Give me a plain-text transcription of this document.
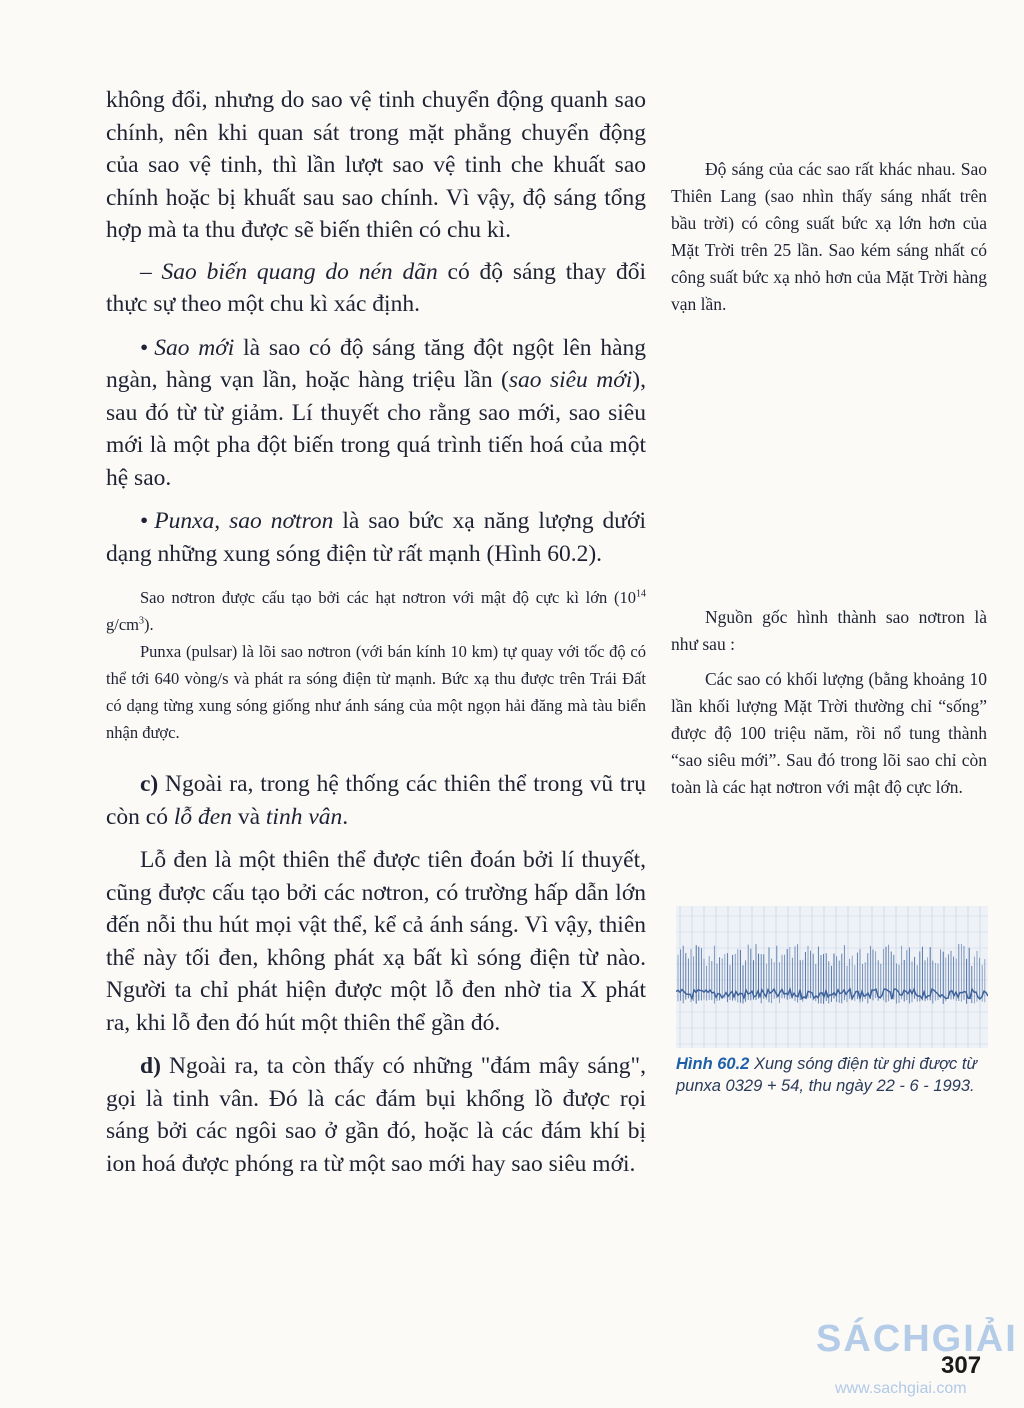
không đổi, nhưng do sao vệ tinh chuyển động quanh sao chính, nên khi quan sát trong mặt phẳng chuyển động của sao vệ tinh, thì lần lượt sao vệ tinh che khuất sao chính hoặc bị khuất sau sao chính. Vì vậy, độ sáng tổng hợp mà ta thu được sẽ biến thiên có chu kì.

– Sao biến quang do nén dãn có độ sáng thay đổi thực sự theo một chu kì xác định.

• Sao mới là sao có độ sáng tăng đột ngột lên hàng ngàn, hàng vạn lần, hoặc hàng triệu lần (sao siêu mới), sau đó từ từ giảm. Lí thuyết cho rằng sao mới, sao siêu mới là một pha đột biến trong quá trình tiến hoá của một hệ sao.

• Punxa, sao nơtron là sao bức xạ năng lượng dưới dạng những xung sóng điện từ rất mạnh (Hình 60.2).

Sao nơtron được cấu tạo bởi các hạt nơtron với mật độ cực kì lớn ($10^{14}$ $g/cm^3$).

Punxa (pulsar) là lõi sao nơtron (với bán kính 10 km) tự quay với tốc độ có thể tới 640 vòng/s và phát ra sóng điện từ mạnh. Bức xạ thu được trên Trái Đất có dạng từng xung sóng giống như ánh sáng của một ngọn hải đăng mà tàu biển nhận được.

c) Ngoài ra, trong hệ thống các thiên thể trong vũ trụ còn có lỗ đen và tinh vân.

Lỗ đen là một thiên thể được tiên đoán bởi lí thuyết, cũng được cấu tạo bởi các nơtron, có trường hấp dẫn lớn đến nỗi thu hút mọi vật thể, kể cả ánh sáng. Vì vậy, thiên thể này tối đen, không phát xạ bất kì sóng điện từ nào. Người ta chỉ phát hiện được một lỗ đen nhờ tia X phát ra, khi lỗ đen đó hút một thiên thể gần đó.

d) Ngoài ra, ta còn thấy có những "đám mây sáng", gọi là tinh vân. Đó là các đám bụi khổng lồ được rọi sáng bởi các ngôi sao ở gần đó, hoặc là các đám khí bị ion hoá được phóng ra từ một sao mới hay sao siêu mới.

Độ sáng của các sao rất khác nhau. Sao Thiên Lang (sao nhìn thấy sáng nhất trên bầu trời) có công suất bức xạ lớn hơn của Mặt Trời trên 25 lần. Sao kém sáng nhất có công suất bức xạ nhỏ hơn của Mặt Trời hàng vạn lần.

Nguồn gốc hình thành sao nơtron là như sau :

Các sao có khối lượng (bằng khoảng 10 lần khối lượng Mặt Trời thường chỉ “sống” được độ 100 triệu năm, rồi nổ tung thành “sao siêu mới”. Sau đó trong lõi sao chỉ còn toàn là các hạt nơtron với mật độ cực lớn.

Hình 60.2 Xung sóng điện từ ghi được từ punxa 0329 + 54, thu ngày 22 - 6 - 1993.
SÁCHGIẢI
307
www.sachgiai.com
